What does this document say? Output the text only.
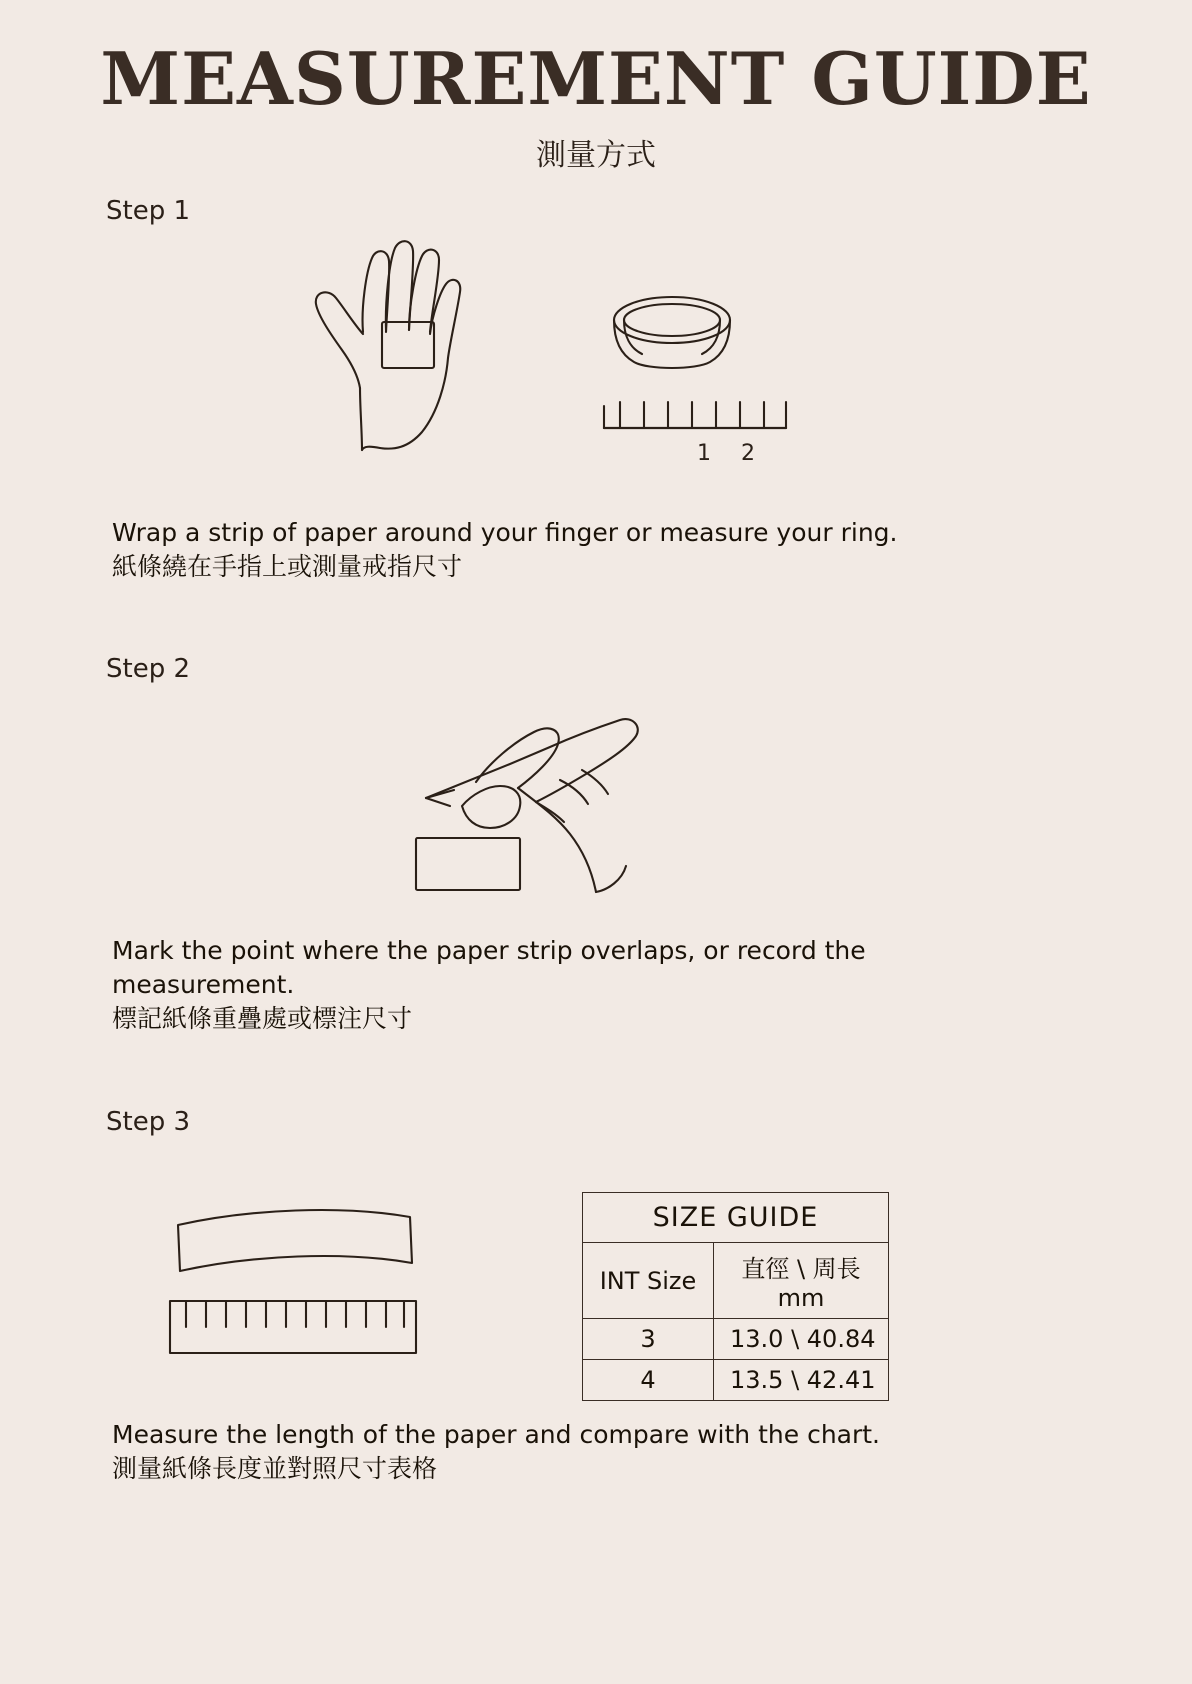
MEASUREMENT GUIDE
測量方式
Step 1
1 2
Wrap a strip of paper around your finger or measure your ring.
紙條繞在手指上或測量戒指尺寸
Step 2
Mark the point where the paper strip overlaps, or record the measurement.
標記紙條重疊處或標注尺寸
Step 3
SIZE GUIDE	
INT Size	直徑 \ 周長mm
3	13.0 \ 40.84
4	13.5 \ 42.41
Measure the length of the paper and compare with the chart.
測量紙條長度並對照尺寸表格
